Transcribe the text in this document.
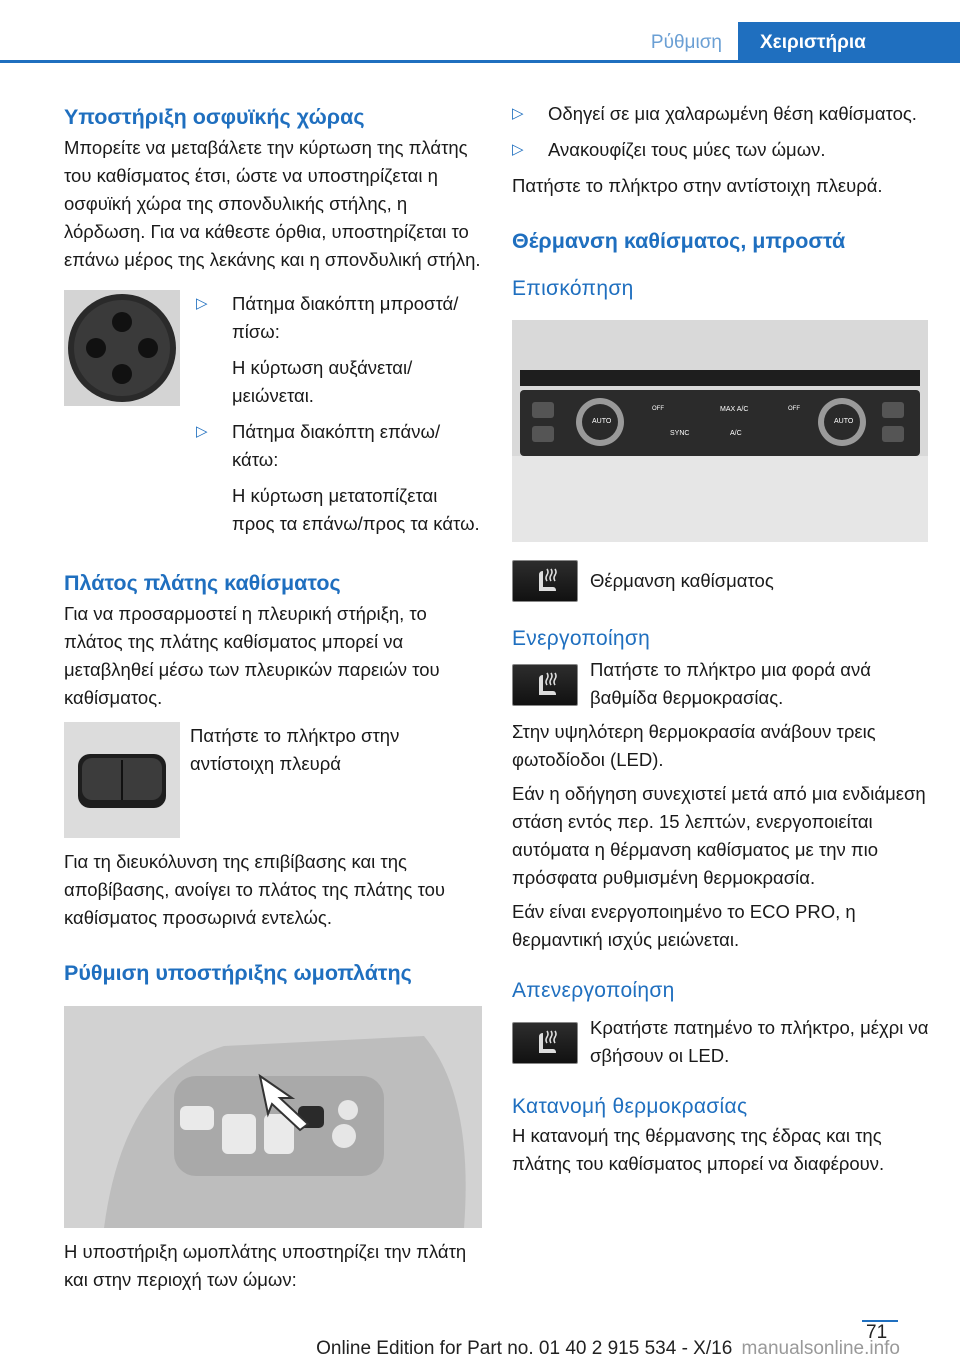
Ρύθμιση	Χειριστήρια
Υποστήριξη οσφυϊκής χώρας

Μπορείτε να μεταβάλετε την κύρτωση της πλάτης του καθίσματος έτσι, ώστε να υποστηρίζεται η οσφυϊκή χώρα της σπονδυλικής στήλης, η λόρδωση. Για να κάθεστε όρθια, υποστηρίζεται το επάνω μέρος της λεκάνης και η σπονδυλική στήλη.

▷	Πάτημα διακόπτη μπροστά/ πίσω:
Η κύρτωση αυξάνεται/μειώνεται.
▷	Πάτημα διακόπτη επάνω/ κάτω:
Η κύρτωση μετατοπίζεται προς τα επάνω/προς τα κάτω.
Πλάτος πλάτης καθίσματος

Για να προσαρμοστεί η πλευρική στήριξη, το πλάτος της πλάτης καθίσματος μπορεί να μεταβληθεί μέσω των πλευρικών παρειών του καθίσματος.

Πατήστε το πλήκτρο στην αντίστοιχη πλευρά

Για τη διευκόλυνση της επιβίβασης και της αποβίβασης, ανοίγει το πλάτος της πλάτης του καθίσματος προσωρινά εντελώς.

Ρύθμιση υποστήριξης ωμοπλάτης

Η υποστήριξη ωμοπλάτης υποστηρίζει την πλάτη και στην περιοχή των ώμων:

▷	Οδηγεί σε μια χαλαρωμένη θέση καθίσματος.
▷	Ανακουφίζει τους μύες των ώμων.

Πατήστε το πλήκτρο στην αντίστοιχη πλευρά.

Θέρμανση καθίσματος, μπροστά
Επισκόπηση
AUTO	AUTO
MAX A/C
SYNC	A/C
OFF	OFF

Θέρμανση καθίσματος

Ενεργοποίηση

Πατήστε το πλήκτρο μια φορά ανά βαθμίδα θερμοκρασίας.

Στην υψηλότερη θερμοκρασία ανάβουν τρεις φωτοδίοδοι (LED).

Εάν η οδήγηση συνεχιστεί μετά από μια ενδιάμεση στάση εντός περ. 15 λεπτών, ενεργοποιείται αυτόματα η θέρμανση καθίσματος με την πιο πρόσφατα ρυθμισμένη θερμοκρασία.

Εάν είναι ενεργοποιημένο το ECO PRO, η θερμαντική ισχύς μειώνεται.

Απενεργοποίηση

Κρατήστε πατημένο το πλήκτρο, μέχρι να σβήσουν οι LED.

Κατανομή θερμοκρασίας

Η κατανομή της θέρμανσης της έδρας και της πλάτης του καθίσματος μπορεί να διαφέρουν.

71
Online Edition for Part no. 01 40 2 915 534 - X/16 manualsonline.info
